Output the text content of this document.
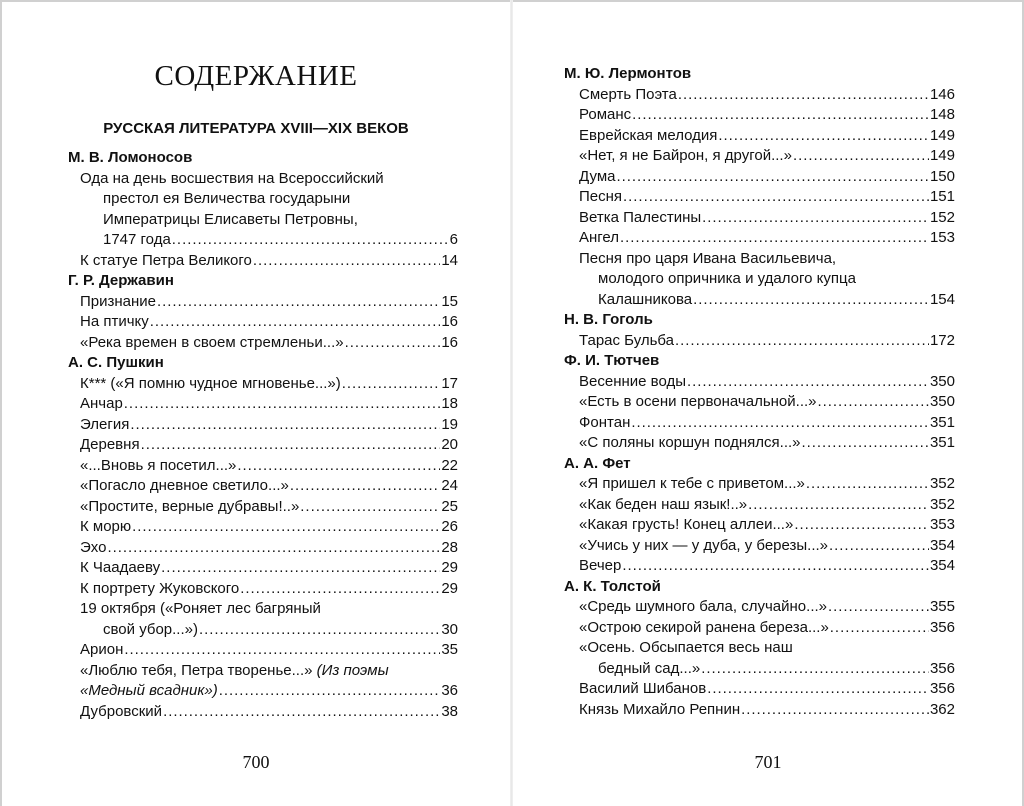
СОДЕРЖАНИЕ
РУССКАЯ ЛИТЕРАТУРА XVIII—XIX ВЕКОВ
М. В. Ломоносов
Ода на день восшествия на Всероссийский
престол ея Величества государыни
Императрицы Елисаветы Петровны,
1747 года . . .	6
К статуе Петра Великого . . .	14
Г. Р. Державин
Признание . . .	15
На птичку . . .	16
«Река времен в своем стремленьи...» . . .	16
А. С. Пушкин
К*** («Я помню чудное мгновенье...») . . .	17
Анчар . . .	18
Элегия . . .	19
Деревня . . .	20
«...Вновь я посетил...» . . .	22
«Погасло дневное светило...» . . .	24
«Простите, верные дубравы!..» . . .	25
К морю . . .	26
Эхо . . .	28
К Чаадаеву . . .	29
К портрету Жуковского . . .	29
19 октября («Роняет лес багряный
свой убор...») . . .	30
Арион . . .	35
«Люблю тебя, Петра творенье...» (Из поэмы
«Медный всадник») . . .	36
Дубровский . . .	38
700
М. Ю. Лермонтов
Смерть Поэта . . .	146
Романс . . .	148
Еврейская мелодия . . .	149
«Нет, я не Байрон, я другой...» . . .	149
Дума . . .	150
Песня . . .	151
Ветка Палестины . . .	152
Ангел . . .	153
Песня про царя Ивана Васильевича,
молодого опричника и удалого купца
Калашникова . . .	154
Н. В. Гоголь
Тарас Бульба . . .	172
Ф. И. Тютчев
Весенние воды . . .	350
«Есть в осени первоначальной...» . . .	350
Фонтан . . .	351
«С поляны коршун поднялся...» . . .	351
А. А. Фет
«Я пришел к тебе с приветом...» . . .	352
«Как беден наш язык!..» . . .	352
«Какая грусть! Конец аллеи...» . . .	353
«Учись у них — у дуба, у березы...» . . .	354
Вечер . . .	354
А. К. Толстой
«Средь шумного бала, случайно...» . . .	355
«Острою секирой ранена береза...» . . .	356
«Осень. Обсыпается весь наш
бедный сад...» . . .	356
Василий Шибанов . . .	356
Князь Михайло Репнин . . .	362
701
